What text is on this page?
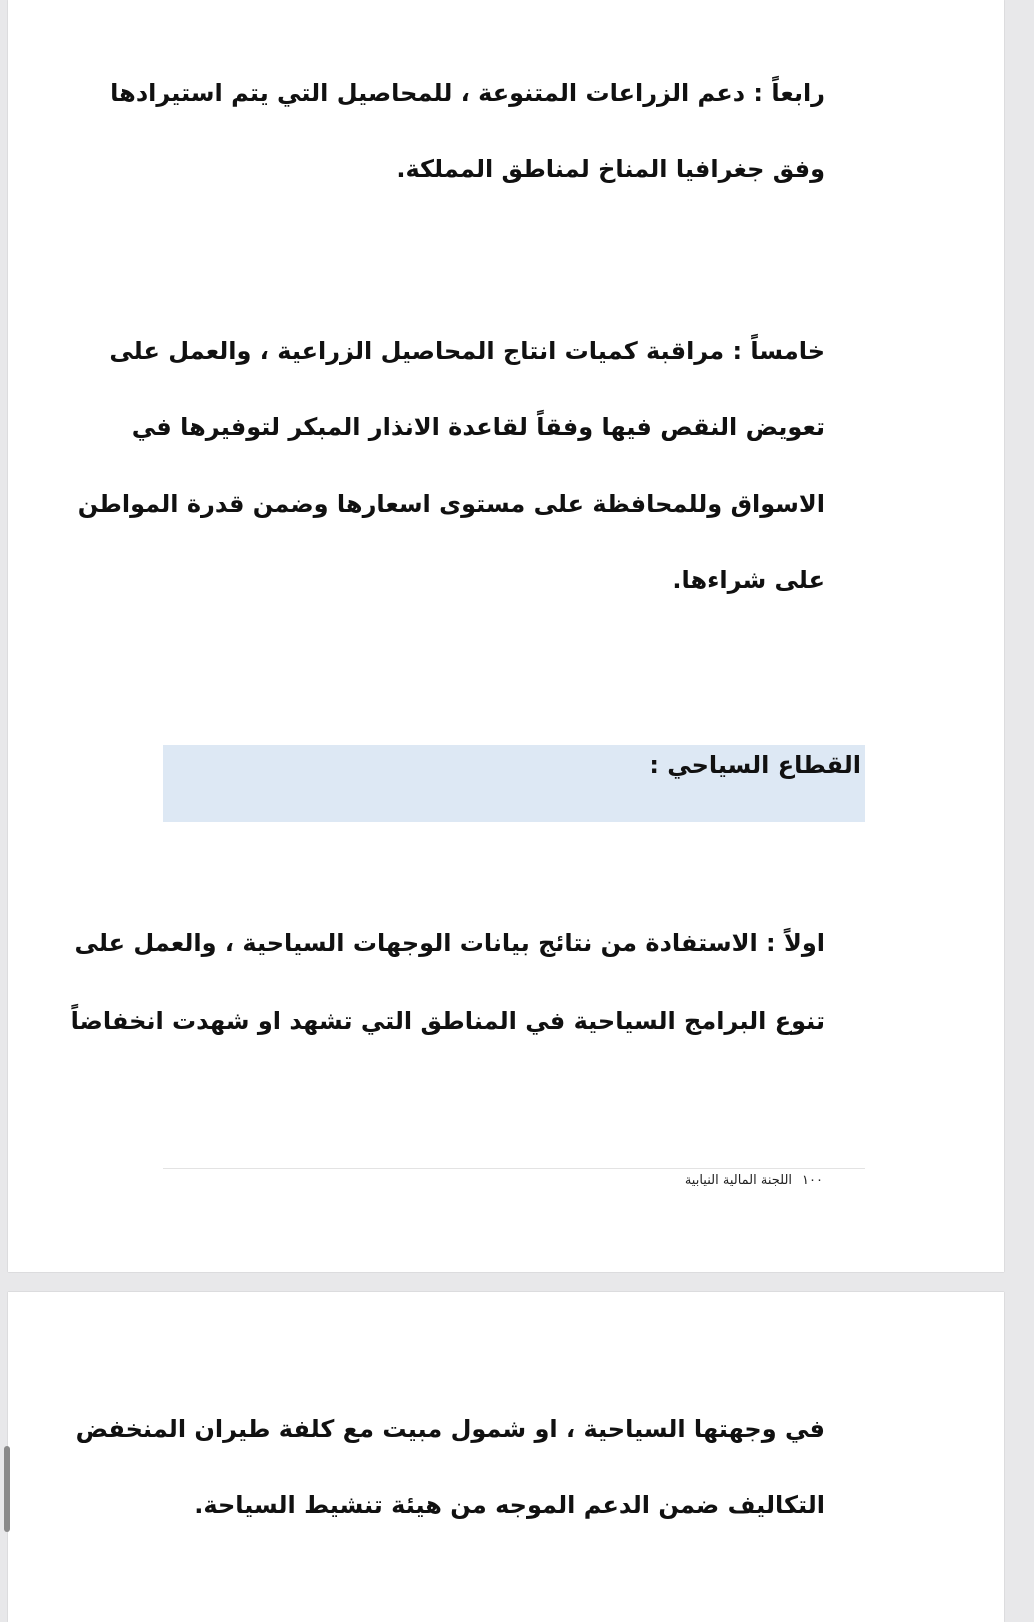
رابعاً : دعم الزراعات المتنوعة ، للمحاصيل التي يتم استيرادها
وفق جغرافيا المناخ لمناطق المملكة.
خامساً : مراقبة كميات انتاج المحاصيل الزراعية ، والعمل على
تعويض النقص فيها وفقاً لقاعدة الانذار المبكر لتوفيرها في
الاسواق وللمحافظة على مستوى اسعارها وضمن قدرة المواطن
على شراءها.
القطاع السياحي :
اولاً : الاستفادة من نتائج بيانات الوجهات السياحية ، والعمل على
تنوع البرامج السياحية في المناطق التي تشهد او شهدت انخفاضاً
١٠٠اللجنة المالية النيابية
في وجهتها السياحية ، او شمول مبيت مع كلفة طيران المنخفض
التكاليف ضمن الدعم الموجه من هيئة تنشيط السياحة.
